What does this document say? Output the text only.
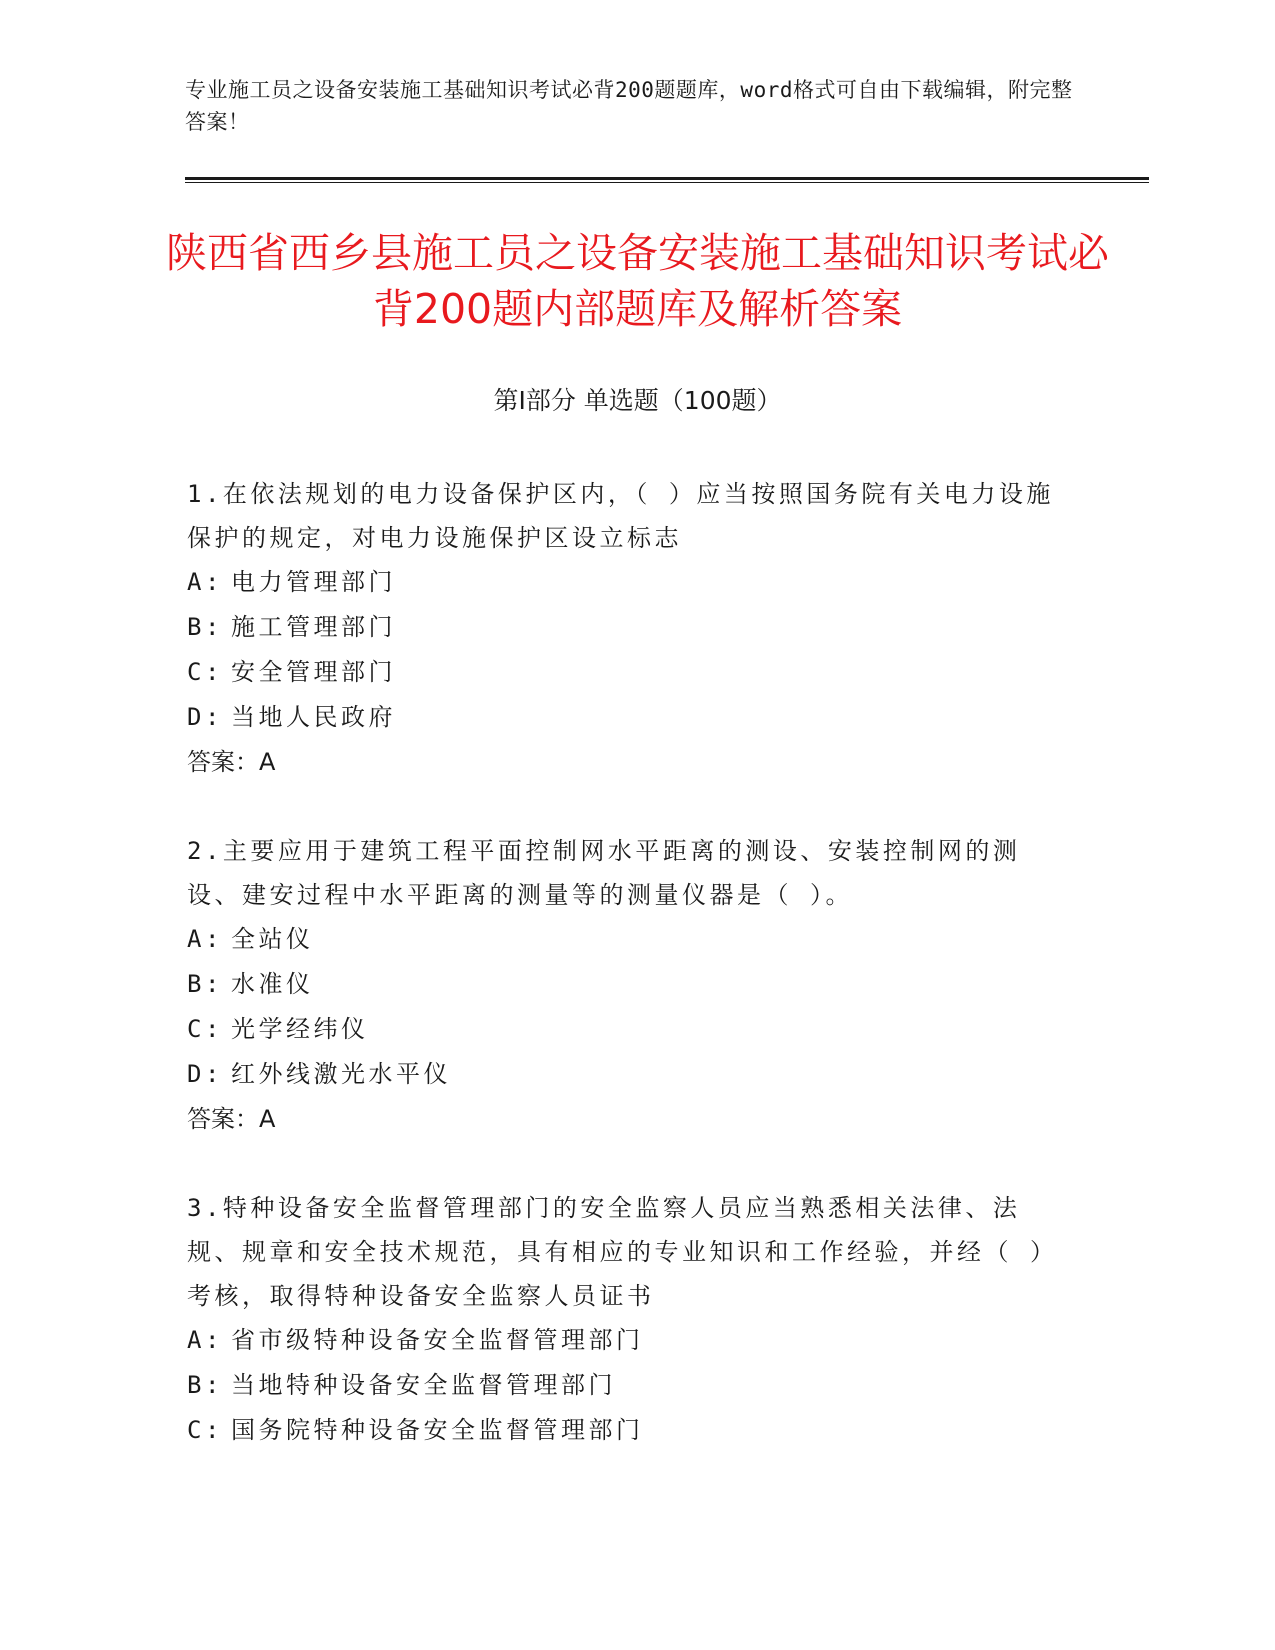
专业施工员之设备安装施工基础知识考试必背200题题库，word格式可自由下载编辑，附完整答案！
陕西省西乡县施工员之设备安装施工基础知识考试必背200题内部题库及解析答案
第Ⅰ部分 单选题（100题）
1.在依法规划的电力设备保护区内，（ ）应当按照国务院有关电力设施保护的规定，对电力设施保护区设立标志
A: 电力管理部门
B: 施工管理部门
C: 安全管理部门
D: 当地人民政府
答案：A
2.主要应用于建筑工程平面控制网水平距离的测设、安装控制网的测设、建安过程中水平距离的测量等的测量仪器是（ ）。
A: 全站仪
B: 水准仪
C: 光学经纬仪
D: 红外线激光水平仪
答案：A
3.特种设备安全监督管理部门的安全监察人员应当熟悉相关法律、法规、规章和安全技术规范，具有相应的专业知识和工作经验，并经（ ）考核，取得特种设备安全监察人员证书
A: 省市级特种设备安全监督管理部门
B: 当地特种设备安全监督管理部门
C: 国务院特种设备安全监督管理部门
